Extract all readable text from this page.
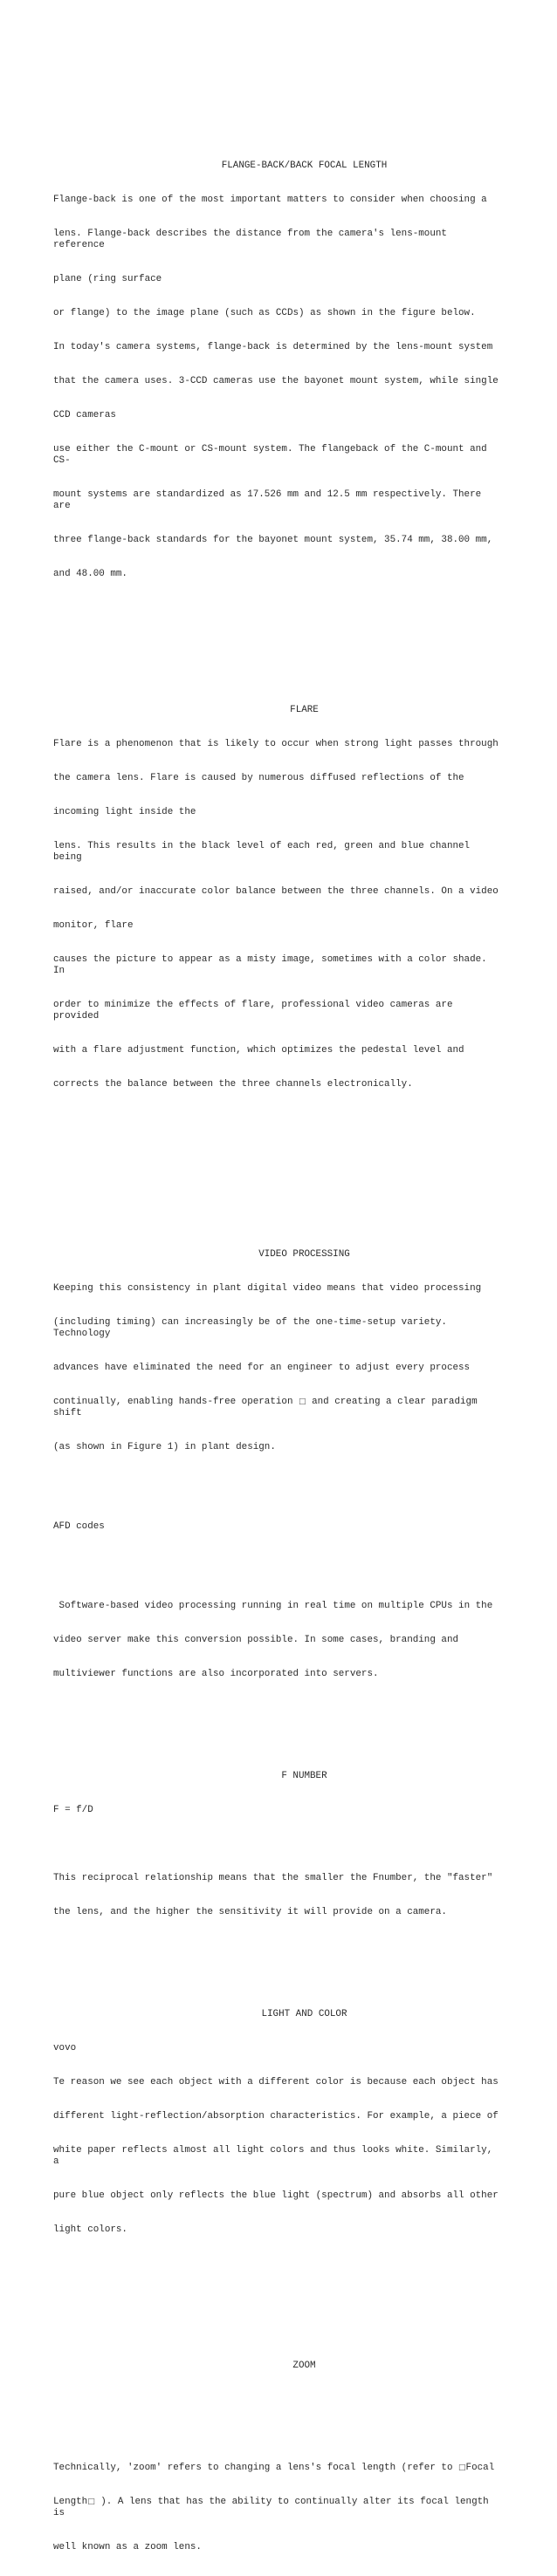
FLANGE-BACK/BACK FOCAL LENGTH

Flange-back is one of the most important matters to consider when choosing a

lens. Flange-back describes the distance from the camera's lens-mount reference

plane (ring surface

or flange) to the image plane (such as CCDs) as shown in the figure below.

In today's camera systems, flange-back is determined by the lens-mount system

that the camera uses. 3-CCD cameras use the bayonet mount system, while single

CCD cameras

use either the C-mount or CS-mount system. The flangeback of the C-mount and CS-

mount systems are standardized as 17.526 mm and 12.5 mm respectively. There are

three flange-back standards for the bayonet mount system, 35.74 mm, 38.00 mm,

and 48.00 mm.

FLARE

Flare is a phenomenon that is likely to occur when strong light passes through

the camera lens. Flare is caused by numerous diffused reflections of the

incoming light inside the

lens. This results in the black level of each red, green and blue channel being

raised, and/or inaccurate color balance between the three channels. On a video

monitor, flare

causes the picture to appear as a misty image, sometimes with a color shade. In

order to minimize the effects of flare, professional video cameras are provided

with a flare adjustment function, which optimizes the pedestal level and

corrects the balance between the three channels electronically.

VIDEO PROCESSING

Keeping this consistency in plant digital video means that video processing

(including timing) can increasingly be of the one-time-setup variety. Technology

advances have eliminated the need for an engineer to adjust every process

continually, enabling hands-free operation □ and creating a clear paradigm shift

(as shown in Figure 1) in plant design.

AFD codes

Software-based video processing running in real time on multiple CPUs in the

video server make this conversion possible. In some cases, branding and

multiviewer functions are also incorporated into servers.

F NUMBER

F = f/D

This reciprocal relationship means that the smaller the Fnumber, the "faster"

the lens, and the higher the sensitivity it will provide on a camera.

LIGHT AND COLOR

vovo

Te reason we see each object with a different color is because each object has

different light-reflection/absorption characteristics. For example, a piece of

white paper reflects almost all light colors and thus looks white. Similarly, a

pure blue object only reflects the blue light (spectrum) and absorbs all other

light colors.

ZOOM

Technically, 'zoom' refers to changing a lens's focal length (refer to □Focal

Length□ ). A lens that has the ability to continually alter its focal length is

well known as a zoom lens.
